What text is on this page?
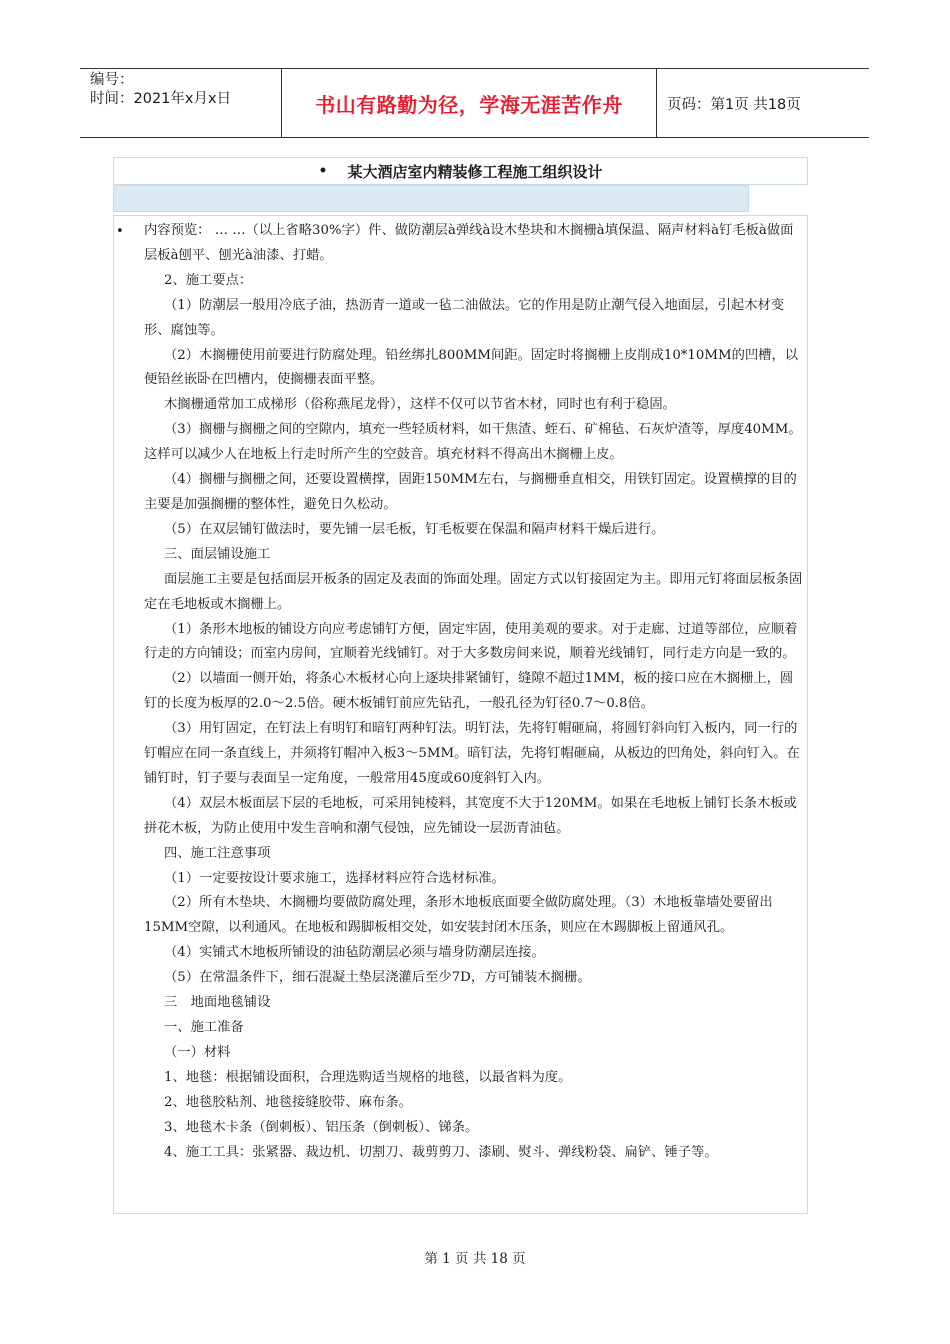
编号：
时间：2021年x月x日	书山有路勤为径，学海无涯苦作舟	页码：第1页 共18页
• 某大酒店室内精装修工程施工组织设计
• 内容预览： … …（以上省略30%字）件、做防潮层à弹线à设木垫块和木搁栅à填保温、隔声材料à钉毛板à做面层板à刨平、刨光à油漆、打蜡。

2、施工要点：

（1）防潮层一般用冷底子油，热沥青一道或一毡二油做法。它的作用是防止潮气侵入地面层，引起木材变形、腐蚀等。

（2）木搁栅使用前要进行防腐处理。铅丝绑扎800MM间距。固定时将搁栅上皮削成10*10MM的凹槽，以便铅丝嵌卧在凹槽内，使搁栅表面平整。

木搁栅通常加工成梯形（俗称燕尾龙骨），这样不仅可以节省木材，同时也有利于稳固。

（3）搁栅与搁栅之间的空隙内，填充一些轻质材料，如干焦渣、蛭石、矿棉毡、石灰炉渣等，厚度40MM。这样可以减少人在地板上行走时所产生的空鼓音。填充材料不得高出木搁栅上皮。

（4）搁栅与搁栅之间，还要设置横撑，固距150MM左右，与搁栅垂直相交，用铁钉固定。设置横撑的目的主要是加强搁栅的整体性，避免日久松动。

（5）在双层铺钉做法时，要先铺一层毛板，钉毛板要在保温和隔声材料干燥后进行。

三、面层铺设施工

面层施工主要是包括面层开板条的固定及表面的饰面处理。固定方式以钉接固定为主。即用元钉将面层板条固定在毛地板或木搁栅上。

（1）条形木地板的铺设方向应考虑铺钉方便，固定牢固，使用美观的要求。对于走廊、过道等部位，应顺着行走的方向铺设；而室内房间，宜顺着光线铺钉。对于大多数房间来说，顺着光线铺钉，同行走方向是一致的。

（2）以墙面一侧开始，将条心木板材心向上逐块排紧铺钉，缝隙不超过1MM，板的接口应在木搁栅上，圆钉的长度为板厚的2.0～2.5倍。硬木板铺钉前应先钻孔，一般孔径为钉径0.7～0.8倍。

（3）用钉固定，在钉法上有明钉和暗钉两种钉法。明钉法，先将钉帽砸扁，将圆钉斜向钉入板内，同一行的钉帽应在同一条直线上，并须将钉帽冲入板3～5MM。暗钉法，先将钉帽砸扁，从板边的凹角处，斜向钉入。在铺钉时，钉子要与表面呈一定角度，一般常用45度或60度斜钉入内。

（4）双层木板面层下层的毛地板，可采用钝棱料，其宽度不大于120MM。如果在毛地板上铺钉长条木板或拼花木板，为防止使用中发生音响和潮气侵蚀，应先铺设一层沥青油毡。

四、施工注意事项

（1）一定要按设计要求施工，选择材料应符合选材标准。

（2）所有木垫块、木搁栅均要做防腐处理，条形木地板底面要全做防腐处理。（3）木地板靠墙处要留出15MM空隙，以利通风。在地板和踢脚板相交处，如安装封闭木压条，则应在木踢脚板上留通风孔。

（4）实铺式木地板所铺设的油毡防潮层必须与墙身防潮层连接。

（5）在常温条件下，细石混凝土垫层浇灌后至少7D，方可铺装木搁栅。

三　地面地毯铺设

一、施工准备

（一）材料

1、地毯：根据铺设面积，合理选购适当规格的地毯，以最省料为度。

2、地毯胶粘剂、地毯接缝胶带、麻布条。

3、地毯木卡条（倒刺板）、铝压条（倒刺板）、锑条。

4、施工工具：张紧器、裁边机、切割刀、裁剪剪刀、漆刷、熨斗、弹线粉袋、扁铲、锤子等。

第 1 页 共 18 页
